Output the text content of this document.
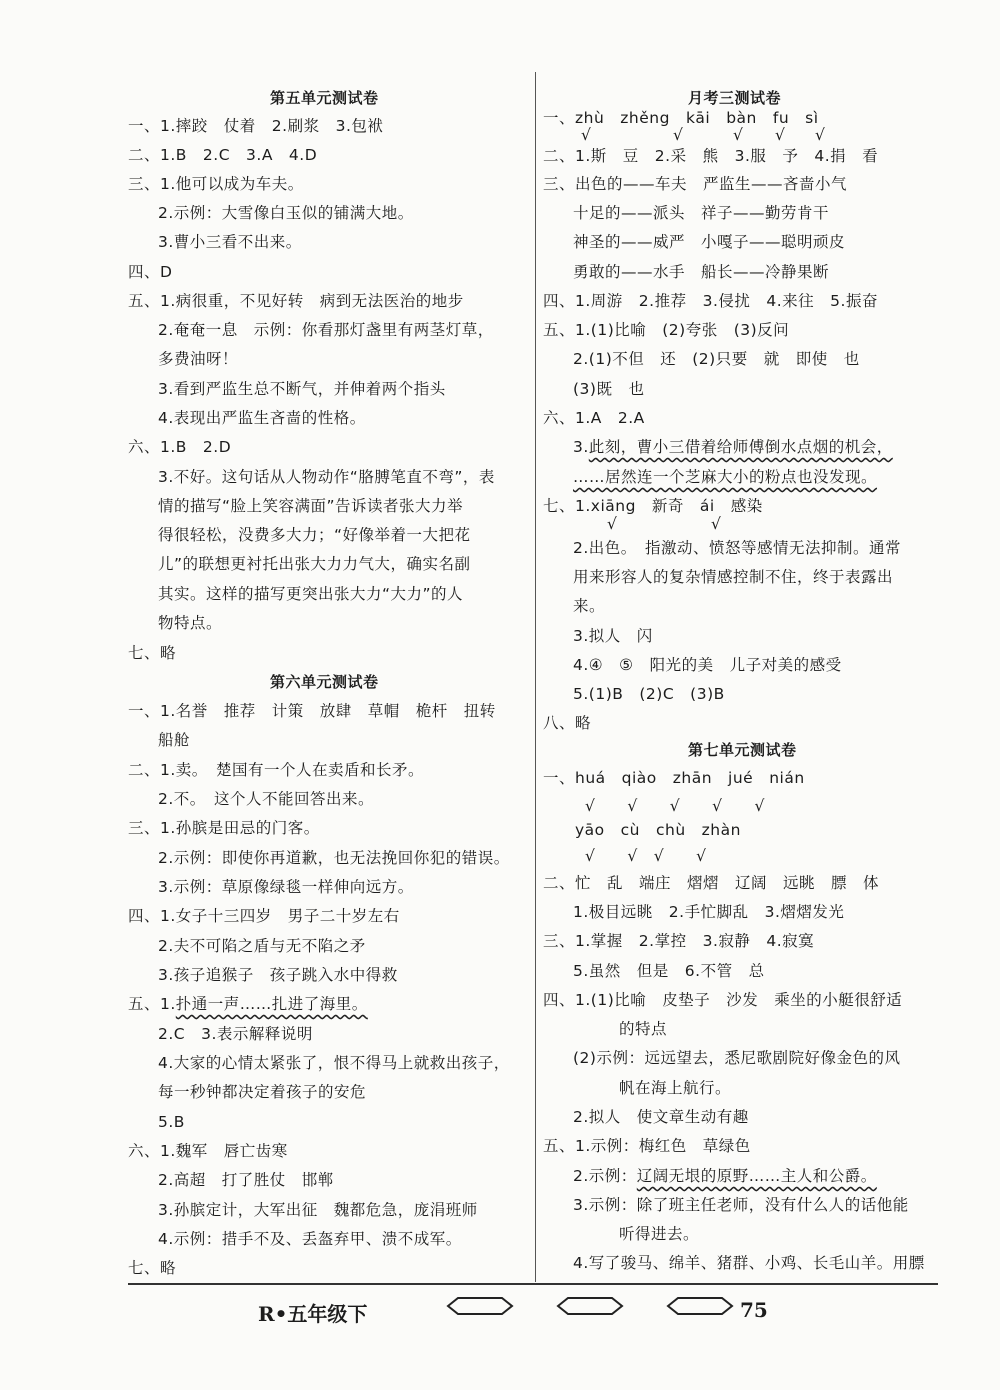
第五单元测试卷
一、1.摔跤　仗着　2.刷浆　3.包袱
二、1.B　2.C　3.A　4.D
三、1.他可以成为车夫。
2.示例：大雪像白玉似的铺满大地。
3.曹小三看不出来。
四、D
五、1.病很重，不见好转　病到无法医治的地步
2.奄奄一息　示例：你看那灯盏里有两茎灯草，
多费油呀！
3.看到严监生总不断气，并伸着两个指头
4.表现出严监生吝啬的性格。
六、1.B　2.D
3.不好。这句话从人物动作“胳膊笔直不弯”，表
情的描写“脸上笑容满面”告诉读者张大力举
得很轻松，没费多大力；“好像举着一大把花
儿”的联想更衬托出张大力力气大，确实名副
其实。这样的描写更突出张大力“大力”的人
物特点。
七、略
第六单元测试卷
一、1.名誉　推荐　计策　放肆　草帽　桅杆　扭转
船舱
二、1.卖。　楚国有一个人在卖盾和长矛。
2.不。　这个人不能回答出来。
三、1.孙膑是田忌的门客。
2.示例：即使你再道歉，也无法挽回你犯的错误。
3.示例：草原像绿毯一样伸向远方。
四、1.女子十三四岁　男子二十岁左右
2.夫不可陷之盾与无不陷之矛
3.孩子追猴子　孩子跳入水中得救
五、1.扑通一声……扎进了海里。
2.C　3.表示解释说明
4.大家的心情太紧张了，恨不得马上就救出孩子，
每一秒钟都决定着孩子的安危
5.B
六、1.魏军　唇亡齿寒
2.高超　打了胜仗　邯郸
3.孙膑定计，大军出征　魏都危急，庞涓班师
4.示例：措手不及、丢盔弃甲、溃不成军。
七、略
月考三测试卷
一、zhù　zhěng　kāi　bàn　fu　sì
√	√	√ √ √
二、1.斯　豆　2.采　熊　3.服　予　4.捐　看
三、出色的——车夫　严监生——吝啬小气
十足的——派头　祥子——勤劳肯干
神圣的——威严　小嘎子——聪明顽皮
勇敢的——水手　船长——冷静果断
四、1.周游　2.推荐　3.侵扰　4.来往　5.振奋
五、1.(1)比喻　(2)夸张　(3)反问
2.(1)不但　还　(2)只要　就　即使　也
(3)既　也
六、1.A　2.A
3.此刻，曹小三借着给师傅倒水点烟的机会，
……居然连一个芝麻大小的粉点也没发现。
七、1.xiāng　新奇　ái　感染
√	√
2.出色。　指激动、愤怒等感情无法抑制。通常
用来形容人的复杂情感控制不住，终于表露出
来。
3.拟人　闪
4.④　⑤　阳光的美　儿子对美的感受
5.(1)B　(2)C　(3)B
八、略
第七单元测试卷
一、huá　qiào　zhān　jué　nián
√　　√　　√　　√　　√
yāo　cù　chù　zhàn
√　　√　√　　√
二、忙　乱　端庄　熠熠　辽阔　远眺　膘　体
1.极目远眺　2.手忙脚乱　3.熠熠发光
三、1.掌握　2.掌控　3.寂静　4.寂寞
5.虽然　但是　6.不管　总
四、1.(1)比喻　皮垫子　沙发　乘坐的小艇很舒适
的特点
(2)示例：远远望去，悉尼歌剧院好像金色的风
帆在海上航行。
2.拟人　使文章生动有趣
五、1.示例：梅红色　草绿色
2.示例：辽阔无垠的原野……主人和公爵。
3.示例：除了班主任老师，没有什么人的话他能
听得进去。
4.写了骏马、绵羊、猪群、小鸡、长毛山羊。用膘
R•五年级下	75
